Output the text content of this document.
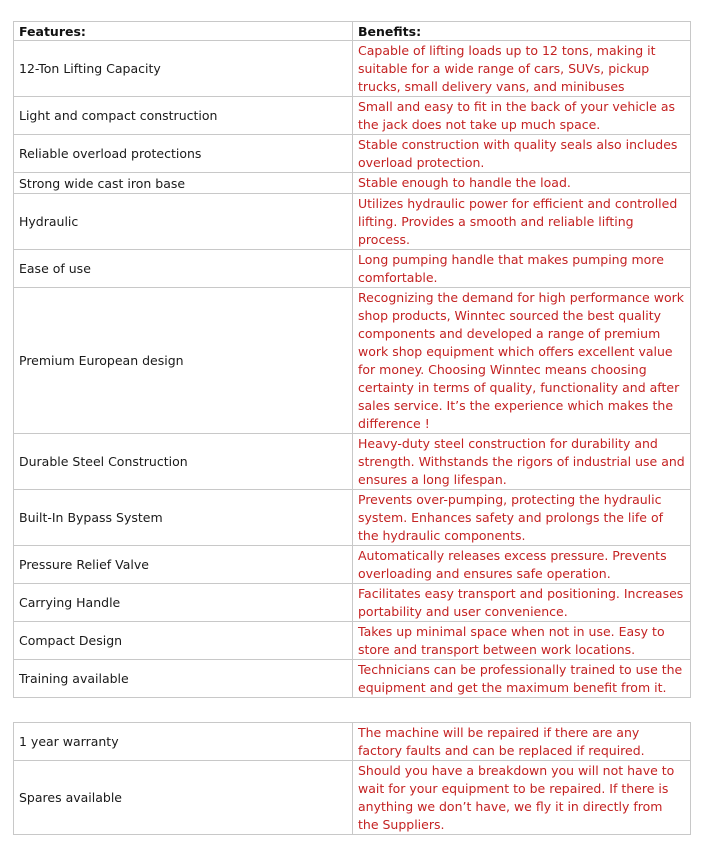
Features:	Benefits:
12-Ton Lifting Capacity	Capable of lifting loads up to 12 tons, making it suitable for a wide range of cars, SUVs, pickup trucks, small delivery vans, and minibuses
Light and compact construction	Small and easy to fit in the back of your vehicle as the jack does not take up much space.
Reliable overload protections	Stable construction with quality seals also includes overload protection.
Strong wide cast iron base	Stable enough to handle the load.
Hydraulic	Utilizes hydraulic power for efficient and controlled lifting. Provides a smooth and reliable lifting process.
Ease of use	Long pumping handle that makes pumping more comfortable.
Premium European design	Recognizing the demand for high performance work shop products, Winntec sourced the best quality components and developed a range of premium work shop equipment which offers excellent value for money. Choosing Winntec means choosing certainty in terms of quality, functionality and after sales service. It’s the experience which makes the difference !
Durable Steel Construction	Heavy-duty steel construction for durability and strength. Withstands the rigors of industrial use and ensures a long lifespan.
Built-In Bypass System	Prevents over-pumping, protecting the hydraulic system. Enhances safety and prolongs the life of the hydraulic components.
Pressure Relief Valve	Automatically releases excess pressure. Prevents overloading and ensures safe operation.
Carrying Handle	Facilitates easy transport and positioning. Increases portability and user convenience.
Compact Design	Takes up minimal space when not in use. Easy to store and transport between work locations.
Training available	Technicians can be professionally trained to use the equipment and get the maximum benefit from it.
1 year warranty	The machine will be repaired if there are any factory faults and can be replaced if required.
Spares available	Should you have a breakdown you will not have to wait for your equipment to be repaired. If there is anything we don’t have, we fly it in directly from the Suppliers.
